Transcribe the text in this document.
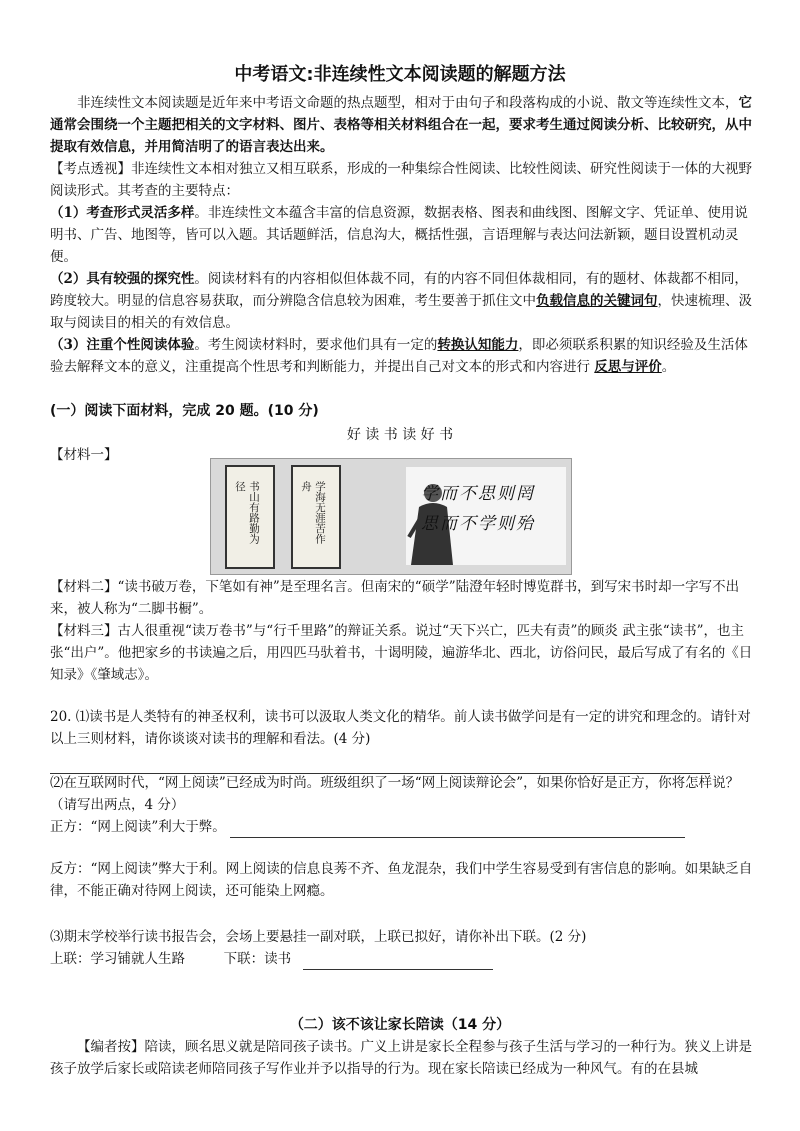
中考语文:非连续性文本阅读题的解题方法
非连续性文本阅读题是近年来中考语文命题的热点题型，相对于由句子和段落构成的小说、散文等连续性文本，它通常会围绕一个主题把相关的文字材料、图片、表格等相关材料组合在一起，要求考生通过阅读分析、比较研究，从中提取有效信息，并用简洁明了的语言表达出来。
【考点透视】非连续性文本相对独立又相互联系，形成的一种集综合性阅读、比较性阅读、研究性阅读于一体的大视野阅读形式。其考查的主要特点：
（1）考查形式灵活多样。非连续性文本蕴含丰富的信息资源，数据表格、图表和曲线图、图解文字、凭证单、使用说明书、广告、地图等，皆可以入题。其话题鲜活，信息沟大，概括性强，言语理解与表达问法新颖，题目设置机动灵便。
（2）具有较强的探究性。阅读材料有的内容相似但体裁不同，有的内容不同但体裁相同，有的题材、体裁都不相同，跨度较大。明显的信息容易获取，而分辨隐含信息较为困难，考生要善于抓住文中负载信息的关键词句，快速梳理、汲取与阅读目的相关的有效信息。
（3）注重个性阅读体验。考生阅读材料时，要求他们具有一定的转换认知能力，即必须联系积累的知识经验及生活体验去解释文本的意义，注重提高个性思考和判断能力，并提出自己对文本的形式和内容进行 反思与评价。
(一）阅读下面材料，完成 20 题。(10 分)
好 读 书 读 好 书
【材料一】
书山有路勤为径	学海无涯苦作舟	学而不思则罔
思而不学则殆
【材料二】“读书破万卷，下笔如有神”是至理名言。但南宋的“硕学”陆澄年轻时博览群书，到写宋书时却一字写不出来，被人称为“二脚书橱”。
【材料三】古人很重视“读万卷书”与“行千里路”的辩证关系。说过“天下兴亡，匹夫有责”的顾炎 武主张“读书”，也主张“出户”。他把家乡的书读遍之后，用四匹马驮着书，十谒明陵，遍游华北、西北，访俗问民，最后写成了有名的《日知录》《肇域志》。
20. ⑴读书是人类特有的神圣权利，读书可以汲取人类文化的精华。前人读书做学问是有一定的讲究和理念的。请针对以上三则材料，请你谈谈对读书的理解和看法。(4 分)
⑵在互联网时代，“网上阅读”已经成为时尚。班级组织了一场“网上阅读辩论会”，如果你恰好是正方，你将怎样说？（请写出两点，4 分）
正方：“网上阅读”利大于弊。
反方：“网上阅读”弊大于利。网上阅读的信息良莠不齐、鱼龙混杂，我们中学生容易受到有害信息的影响。如果缺乏自律，不能正确对待网上阅读，还可能染上网瘾。
⑶期末学校举行读书报告会，会场上要悬挂一副对联，上联已拟好，请你补出下联。(2 分)
上联：学习铺就人生路	下联：读书
（二）该不该让家长陪读（14 分）
【编者按】陪读，顾名思义就是陪同孩子读书。广义上讲是家长全程参与孩子生活与学习的一种行为。狭义上讲是孩子放学后家长或陪读老师陪同孩子写作业并予以指导的行为。现在家长陪读已经成为一种风气。有的在县城
